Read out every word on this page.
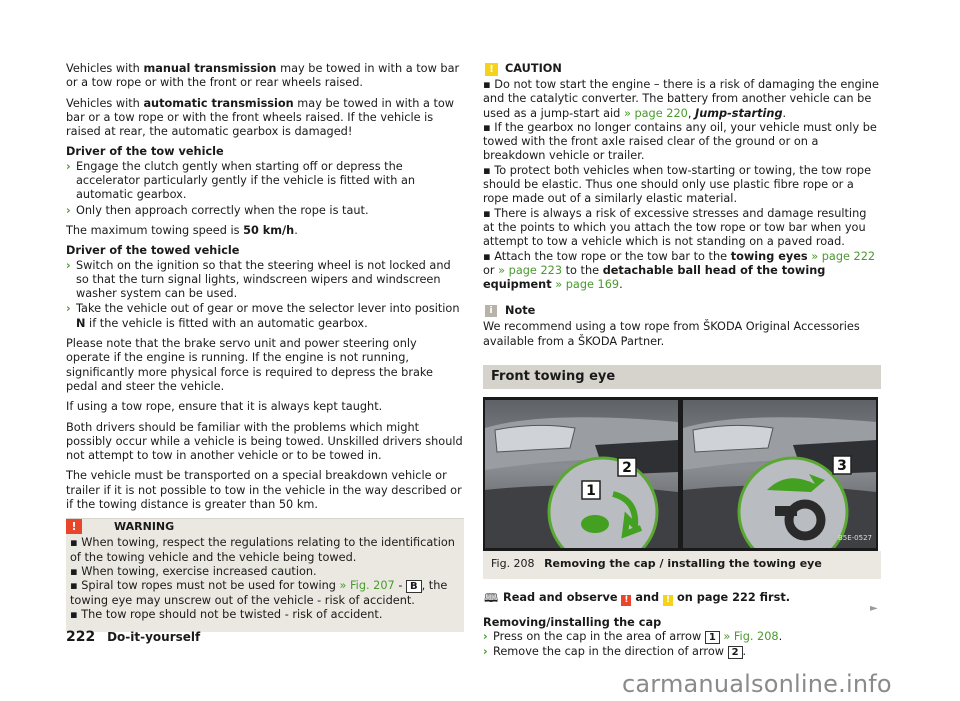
Vehicles with manual transmission may be towed in with a tow bar or a tow rope or with the front or rear wheels raised.

Vehicles with automatic transmission may be towed in with a tow bar or a tow rope or with the front wheels raised. If the vehicle is raised at rear, the automatic gearbox is damaged!

Driver of the tow vehicle
› Engage the clutch gently when starting off or depress the accelerator particularly gently if the vehicle is fitted with an automatic gearbox.
› Only then approach correctly when the rope is taut.

The maximum towing speed is 50 km/h.

Driver of the towed vehicle
› Switch on the ignition so that the steering wheel is not locked and so that the turn signal lights, windscreen wipers and windscreen washer system can be used.
› Take the vehicle out of gear or move the selector lever into position N if the vehicle is fitted with an automatic gearbox.

Please note that the brake servo unit and power steering only operate if the engine is running. If the engine is not running, significantly more physical force is required to depress the brake pedal and steer the vehicle.

If using a tow rope, ensure that it is always kept taught.

Both drivers should be familiar with the problems which might possibly occur while a vehicle is being towed. Unskilled drivers should not attempt to tow in another vehicle or to be towed in.

The vehicle must be transported on a special breakdown vehicle or trailer if it is not possible to tow in the vehicle in the way described or if the towing distance is greater than 50 km.

!	WARNING
▪ When towing, respect the regulations relating to the identification of the towing vehicle and the vehicle being towed.
▪ When towing, exercise increased caution.
▪ Spiral tow ropes must not be used for towing » Fig. 207 - B , the towing eye may unscrew out of the vehicle - risk of accident.
▪ The tow rope should not be twisted - risk of accident.
! CAUTION
▪ Do not tow start the engine – there is a risk of damaging the engine and the catalytic converter. The battery from another vehicle can be used as a jump-start aid » page 220, Jump-starting.
▪ If the gearbox no longer contains any oil, your vehicle must only be towed with the front axle raised clear of the ground or on a breakdown vehicle or trailer.
▪ To protect both vehicles when tow-starting or towing, the tow rope should be elastic. Thus one should only use plastic fibre rope or a rope made out of a similarly elastic material.
▪ There is always a risk of excessive stresses and damage resulting at the points to which you attach the tow rope or tow bar when you attempt to tow a vehicle which is not standing on a paved road.
▪ Attach the tow rope or the tow bar to the towing eyes » page 222
or » page 223 to the detachable ball head of the towing equipment » page 169.
i	Note
We recommend using a tow rope from ŠKODA Original Accessories available from a ŠKODA Partner.
Front towing eye
1
2	3
B5E-0527
Fig. 208 Removing the cap / installing the towing eye
🕮 Read and observe ! and ! on page 222 first.
Removing/installing the cap
› Press on the cap in the area of arrow 1 » Fig. 208.
› Remove the cap in the direction of arrow 2 .
►
222 Do-it-yourself
carmanualsonline.info
